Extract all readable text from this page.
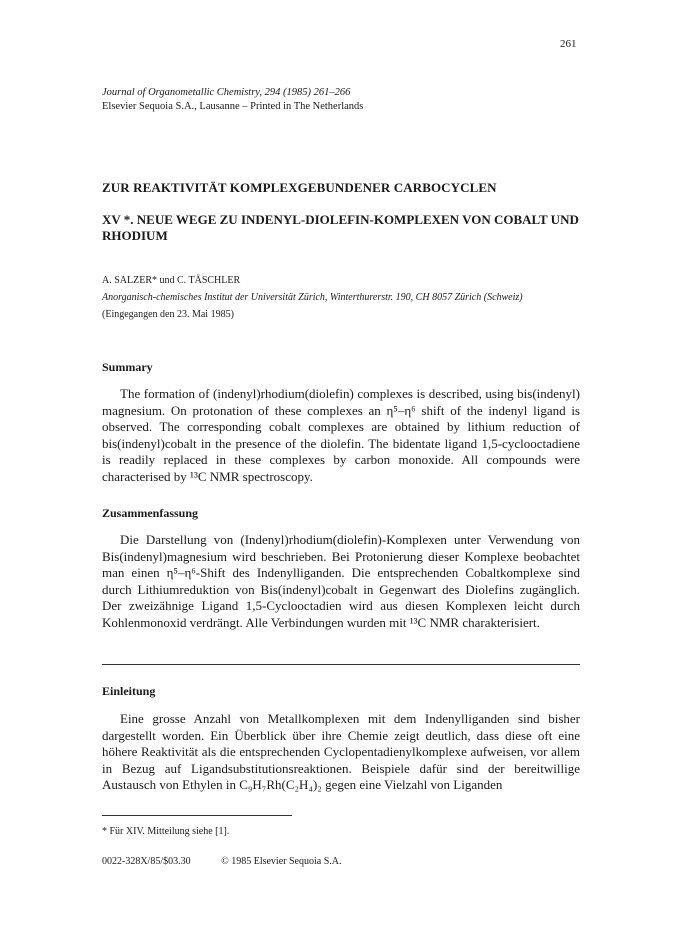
261
Journal of Organometallic Chemistry, 294 (1985) 261–266
Elsevier Sequoia S.A., Lausanne – Printed in The Netherlands
ZUR REAKTIVITÄT KOMPLEXGEBUNDENER CARBOCYCLEN
XV *. NEUE WEGE ZU INDENYL-DIOLEFIN-KOMPLEXEN VON COBALT UND RHODIUM
A. SALZER* und C. TÄSCHLER
Anorganisch-chemisches Institut der Universität Zürich, Winterthurerstr. 190, CH 8057 Zürich (Schweiz)
(Eingegangen den 23. Mai 1985)
Summary

The formation of (indenyl)rhodium(diolefin) complexes is described, using bis(indenyl) magnesium. On protonation of these complexes an η⁵–η⁶ shift of the indenyl ligand is observed. The corresponding cobalt complexes are obtained by lithium reduction of bis(indenyl)cobalt in the presence of the diolefin. The bidentate ligand 1,5-cyclooctadiene is readily replaced in these complexes by carbon monoxide. All compounds were characterised by ¹³C NMR spectroscopy.

Zusammenfassung

Die Darstellung von (Indenyl)rhodium(diolefin)-Komplexen unter Verwendung von Bis(indenyl)magnesium wird beschrieben. Bei Protonierung dieser Komplexe beobachtet man einen η⁵–η⁶-Shift des Indenylliganden. Die entsprechenden Cobaltkomplexe sind durch Lithiumreduktion von Bis(indenyl)cobalt in Gegenwart des Diolefins zugänglich. Der zweizähnige Ligand 1,5-Cyclooctadien wird aus diesen Komplexen leicht durch Kohlenmonoxid verdrängt. Alle Verbindungen wurden mit ¹³C NMR charakterisiert.

Einleitung

Eine grosse Anzahl von Metallkomplexen mit dem Indenylliganden sind bisher dargestellt worden. Ein Überblick über ihre Chemie zeigt deutlich, dass diese oft eine höhere Reaktivität als die entsprechenden Cyclopentadienylkomplexe aufweisen, vor allem in Bezug auf Ligandsubstitutionsreaktionen. Beispiele dafür sind der bereitwillige Austausch von Ethylen in C₉H₇Rh(C₂H₄)₂ gegen eine Vielzahl von Liganden

* Für XIV. Mitteilung siehe [1].
0022-328X/85/$03.30	© 1985 Elsevier Sequoia S.A.
